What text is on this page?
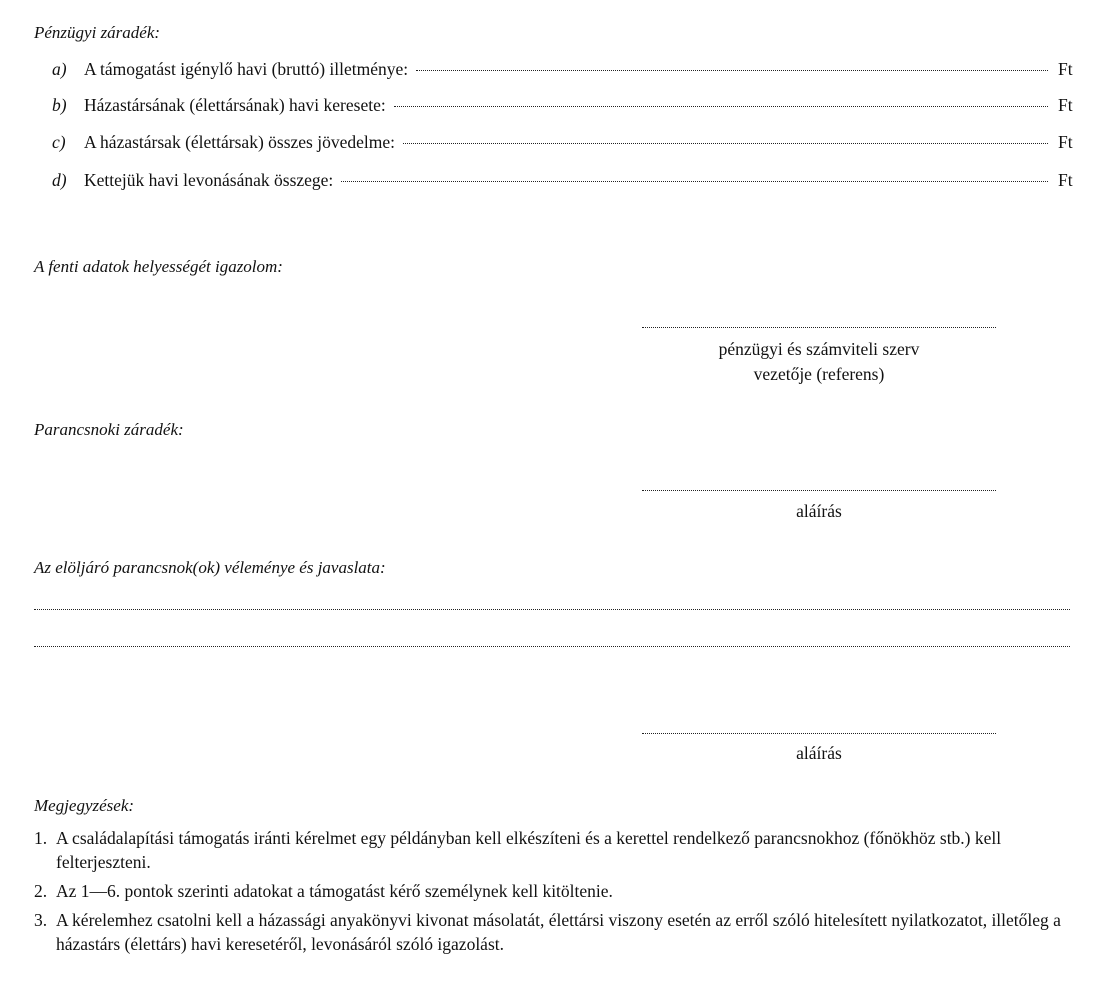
Pénzügyi záradék:
a) A támogatást igénylő havi (bruttó) illetménye:	Ft
b) Házastársának (élettársának) havi keresete:	Ft
c)	A házastársak (élettársak) összes jövedelme:	Ft
d) Kettejük havi levonásának összege:	Ft
A fenti adatok helyességét igazolom:
pénzügyi és számviteli szerv
vezetője (referens)
Parancsnoki záradék:
aláírás
Az elöljáró parancsnok(ok) véleménye és javaslata:
aláírás
Megjegyzések:
1. A családalapítási támogatás iránti kérelmet egy példányban kell elkészíteni és a kerettel rendelkező parancsnokhoz (főnökhöz stb.) kell felterjeszteni.
2. Az 1—6. pontok szerinti adatokat a támogatást kérő személynek kell kitöltenie.
3. A kérelemhez csatolni kell a házassági anyakönyvi kivonat másolatát, élettársi viszony esetén az erről szóló hitelesített nyilatkozatot, illetőleg a házastárs (élettárs) havi keresetéről, levonásáról szóló igazolást.
